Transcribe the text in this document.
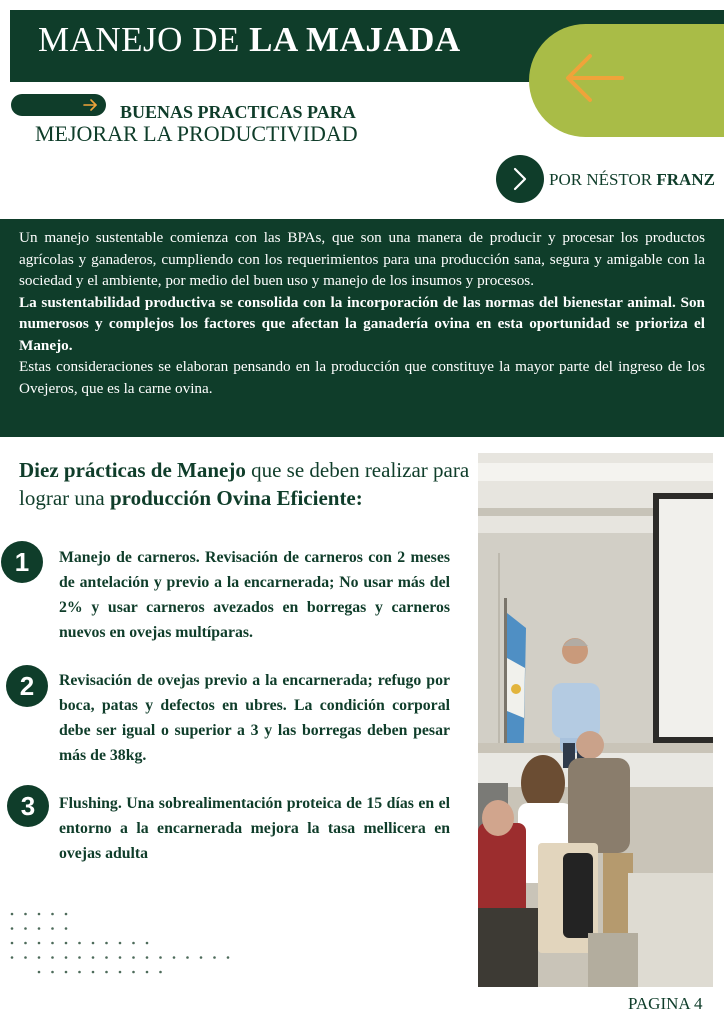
MANEJO DE LA MAJADA
BUENAS PRACTICAS PARA
MEJORAR LA PRODUCTIVIDAD
POR NÉSTOR FRANZ

Un manejo sustentable comienza con las BPAs, que son una manera de producir y procesar los productos agrícolas y ganaderos, cumpliendo con los requerimientos para una producción sana, segura y amigable con la sociedad y el ambiente, por medio del buen uso y manejo de los insumos y procesos.

La sustentabilidad productiva se consolida con la incorporación de las normas del bienestar animal. Son numerosos y complejos los factores que afectan la ganadería ovina en esta oportunidad se prioriza el Manejo.

Estas consideraciones se elaboran pensando en la producción que constituye la mayor parte del ingreso de los Ovejeros, que es la carne ovina.

Diez prácticas de Manejo que se deben realizar para lograr una producción Ovina Eficiente:
1	Manejo de carneros. Revisación de carneros con 2 meses de antelación y previo a la encarnerada; No usar más del 2% y usar carneros avezados en borregas y carneros nuevos en ovejas multíparas.
2	Revisación de ovejas previo a la encarnerada; refugo por boca, patas y defectos en ubres. La condición corporal debe ser igual o superior a 3 y las borregas deben pesar más de 38kg.
3	Flushing. Una sobrealimentación proteica de 15 días en el entorno a la encarnerada mejora la tasa mellicera en ovejas adulta
PAGINA 4
